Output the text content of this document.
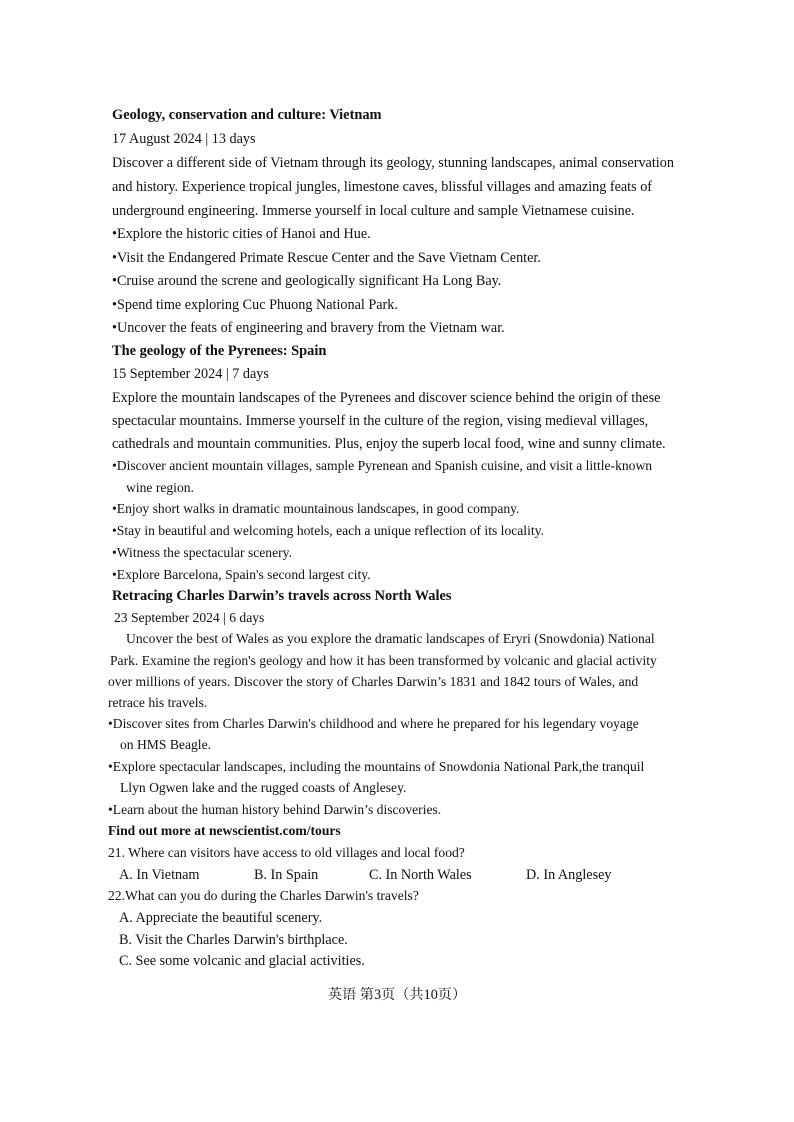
Geology, conservation and culture: Vietnam
17 August 2024 | 13 days
Discover a different side of Vietnam through its geology, stunning landscapes, animal conservation
and history. Experience tropical jungles, limestone caves, blissful villages and amazing feats of
underground engineering. Immerse yourself in local culture and sample Vietnamese cuisine.
•Explore the historic cities of Hanoi and Hue.
•Visit the Endangered Primate Rescue Center and the Save Vietnam Center.
•Cruise around the screne and geologically significant Ha Long Bay.
•Spend time exploring Cuc Phuong National Park.
•Uncover the feats of engineering and bravery from the Vietnam war.
The geology of the Pyrenees: Spain
15 September 2024 | 7 days
Explore the mountain landscapes of the Pyrenees and discover science behind the origin of these
spectacular mountains. Immerse yourself in the culture of the region, vising medieval villages,
cathedrals and mountain communities. Plus, enjoy the superb local food, wine and sunny climate.
•Discover ancient mountain villages, sample Pyrenean and Spanish cuisine, and visit a little-known
wine region.
•Enjoy short walks in dramatic mountainous landscapes, in good company.
•Stay in beautiful and welcoming hotels, each a unique reflection of its locality.
•Witness the spectacular scenery.
•Explore Barcelona, Spain's second largest city.
Retracing Charles Darwin’s travels across North Wales
23 September 2024 | 6 days
Uncover the best of Wales as you explore the dramatic landscapes of Eryri (Snowdonia) National
Park. Examine the region's geology and how it has been transformed by volcanic and glacial activity
over millions of years. Discover the story of Charles Darwin’s 1831 and 1842 tours of Wales, and
retrace his travels.
•Discover sites from Charles Darwin's childhood and where he prepared for his legendary voyage
on HMS Beagle.
•Explore spectacular landscapes, including the mountains of Snowdonia National Park,the tranquil
Llyn Ogwen lake and the rugged coasts of Anglesey.
•Learn about the human history behind Darwin’s discoveries.
Find out more at newscientist.com/tours
21. Where can visitors have access to old villages and local food?
A. In Vietnam	B. In Spain	C. In North Wales	D. In Anglesey
22.What can you do during the Charles Darwin's travels?
A. Appreciate the beautiful scenery.
B. Visit the Charles Darwin's birthplace.
C. See some volcanic and glacial activities.
英语 第3页（共10页）
